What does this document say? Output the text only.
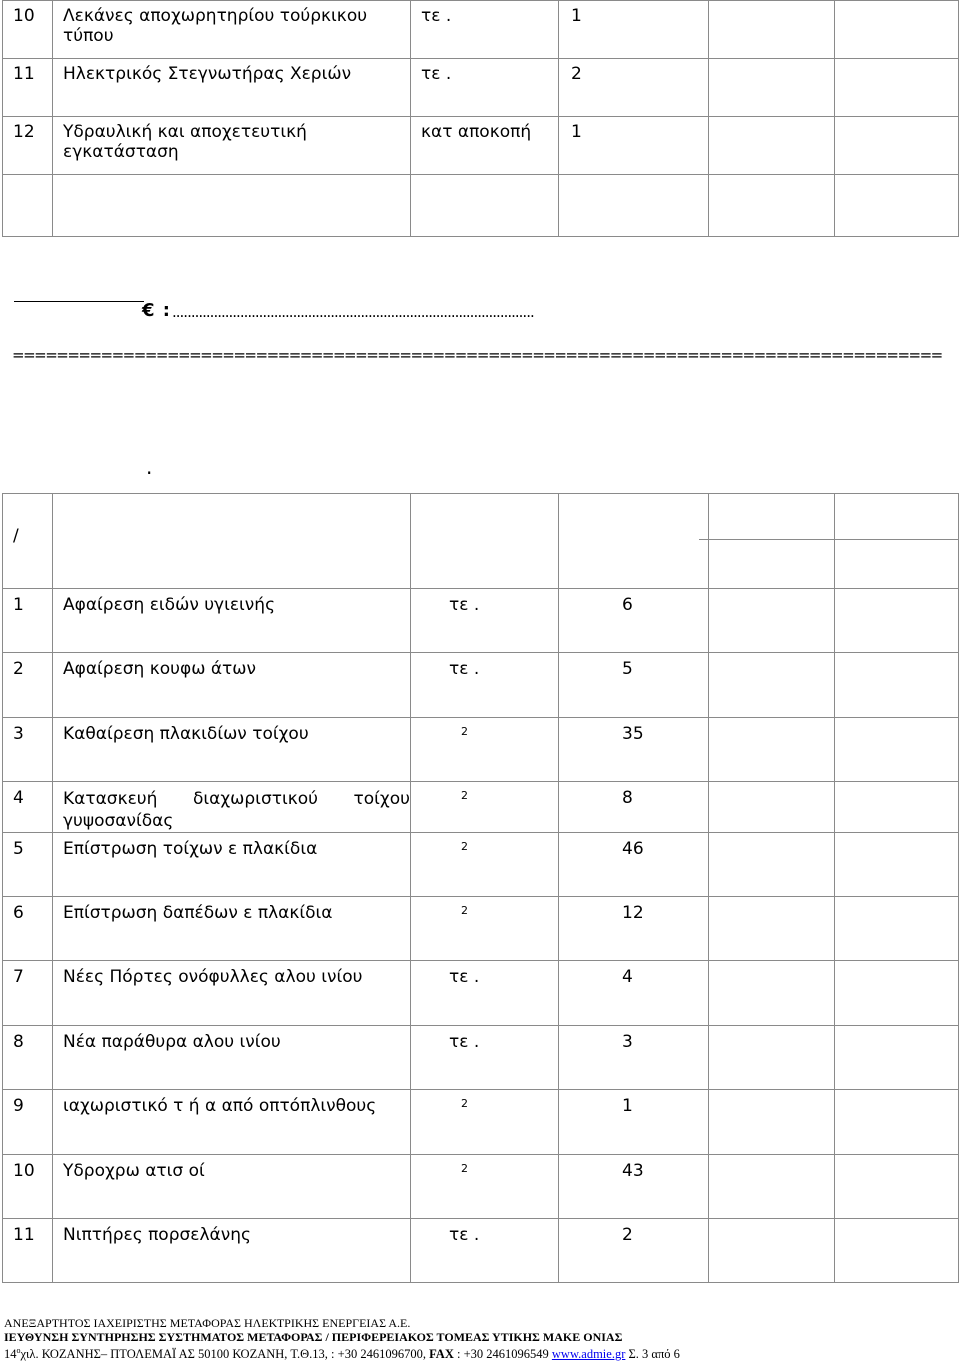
10	Λεκάνες αποχωρητηρίου τούρκικου τύπου	τε .	1		
11	Ηλεκτρικός Στεγνωτήρας Χεριών	τε .	2		
12	Υδραυλική και αποχετευτική εγκατάσταση	κατ αποκοπή	1		

€ : ................................................................................................
====================================================================================
.
/				

1	Αφαίρεση ειδών υγιεινής	τε .	6		
2	Αφαίρεση κουφω άτων	τε .	5		
3	Καθαίρεση πλακιδίων τοίχου	$^2$	35		
4	Κατασκευή διαχωριστικού τοίχου γυψοσανίδας	$^2$	8		
5	Επίστρωση τοίχων ε πλακίδια	$^2$	46		
6	Επίστρωση δαπέδων ε πλακίδια	$^2$	12		
7	Νέες Πόρτες ονόφυλλες αλου ινίου	τε .	4		
8	Νέα παράθυρα αλου ινίου	τε .	3		
9	ιαχωριστικό τ ή α από οπτόπλινθους	$^2$	1		
10	Υδροχρω ατισ οί	$^2$	43		
11	Νιπτήρες πορσελάνης	τε .	2		
ΑΝΕΞΑΡΤΗΤΟΣ ΙΑΧΕΙΡΙΣΤΗΣ ΜΕΤΑΦΟΡΑΣ ΗΛΕΚΤΡΙΚΗΣ ΕΝΕΡΓΕΙΑΣ Α.Ε.
ΙΕΥΘΥΝΣΗ ΣΥΝΤΗΡΗΣΗΣ ΣΥΣΤΗΜΑΤΟΣ ΜΕΤΑΦΟΡΑΣ / ΠΕΡΙΦΕΡΕΙΑΚΟΣ ΤΟΜΕΑΣ ΥΤΙΚΗΣ ΜΑΚΕ ΟΝΙΑΣ
$14^o\chi\iota\lambda$. ΚΟΖΑΝΗΣ– ΠΤΟΛΕΜΑΪ ΑΣ 50100 ΚΟΖΑΝΗ, Τ.Θ.13, : +30 2461096700, FAX : +30 2461096549 www.admie.gr Σ. 3 από 6
